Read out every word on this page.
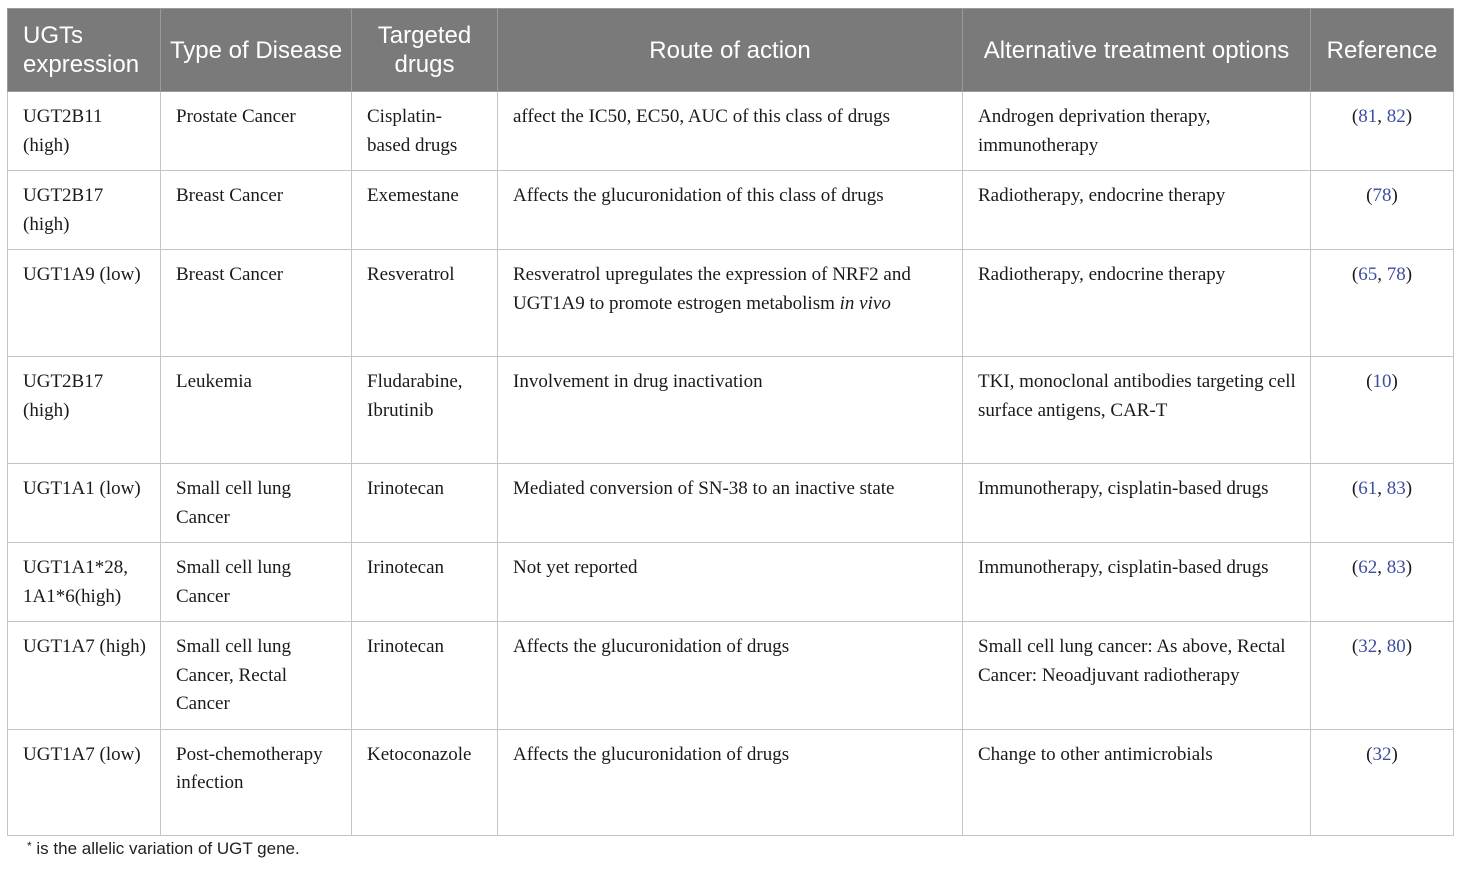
UGTs expression	Type of Disease	Targeted drugs	Route of action	Alternative treatment options	Reference
UGT2B11 (high)	Prostate Cancer	Cisplatin-based drugs	affect the IC50, EC50, AUC of this class of drugs	Androgen deprivation therapy, immunotherapy	(81, 82)
UGT2B17 (high)	Breast Cancer	Exemestane	Affects the glucuronidation of this class of drugs	Radiotherapy, endocrine therapy	(78)
UGT1A9 (low)	Breast Cancer	Resveratrol	Resveratrol upregulates the expression of NRF2 and UGT1A9 to promote estrogen metabolism in vivo	Radiotherapy, endocrine therapy	(65, 78)
UGT2B17 (high)	Leukemia	Fludarabine, Ibrutinib	Involvement in drug inactivation	TKI, monoclonal antibodies targeting cell surface antigens, CAR-T	(10)
UGT1A1 (low)	Small cell lung Cancer	Irinotecan	Mediated conversion of SN-38 to an inactive state	Immunotherapy, cisplatin-based drugs	(61, 83)
UGT1A1*28, 1A1*6(high)	Small cell lung Cancer	Irinotecan	Not yet reported	Immunotherapy, cisplatin-based drugs	(62, 83)
UGT1A7 (high)	Small cell lung Cancer, Rectal Cancer	Irinotecan	Affects the glucuronidation of drugs	Small cell lung cancer: As above, Rectal Cancer: Neoadjuvant radiotherapy	(32, 80)
UGT1A7 (low)	Post-chemotherapy infection	Ketoconazole	Affects the glucuronidation of drugs	Change to other antimicrobials	(32)
* is the allelic variation of UGT gene.
